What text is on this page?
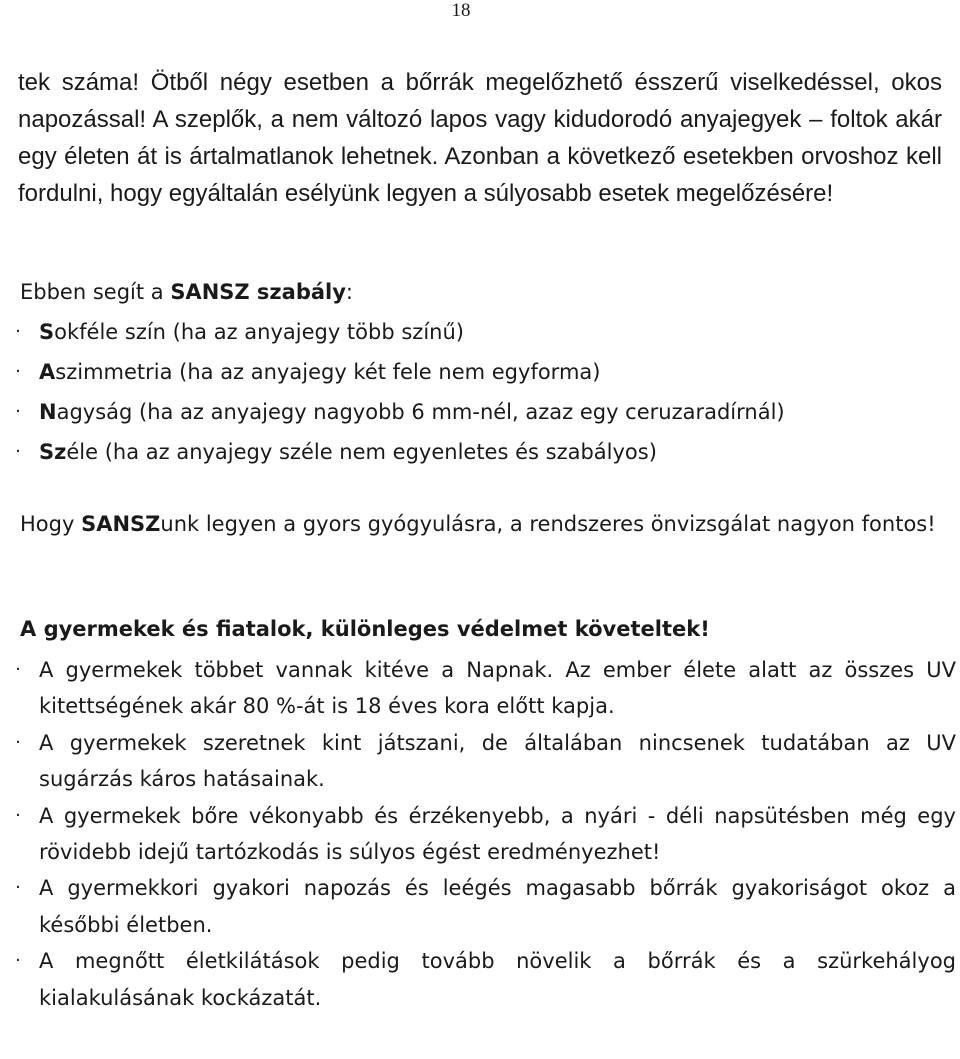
18

tek száma! Ötből négy esetben a bőrrák megelőzhető ésszerű viselkedéssel, okos napozással! A szeplők, a nem változó lapos vagy kidudorodó anyajegyek – foltok akár egy életen át is ártalmatlanok lehetnek. Azonban a következő esetekben orvoshoz kell fordulni, hogy egyáltalán esélyünk legyen a súlyosabb esetek megelőzésére!

Ebben segít a SANSZ szabály:

· Sokféle szín (ha az anyajegy több színű)
· Aszimmetria (ha az anyajegy két fele nem egyforma)
· Nagyság (ha az anyajegy nagyobb 6 mm-nél, azaz egy ceruzaradírnál)
· Széle (ha az anyajegy széle nem egyenletes és szabályos)

Hogy SANSZunk legyen a gyors gyógyulásra, a rendszeres önvizsgálat nagyon fontos!

A gyermekek és fiatalok, különleges védelmet követeltek!

· A gyermekek többet vannak kitéve a Napnak. Az ember élete alatt az összes UV kitettségének akár 80 %-át is 18 éves kora előtt kapja.
· A gyermekek szeretnek kint játszani, de általában nincsenek tudatában az UV sugárzás káros hatásainak.
· A gyermekek bőre vékonyabb és érzékenyebb, a nyári - déli napsütésben még egy rövidebb idejű tartózkodás is súlyos égést eredményezhet!
· A gyermekkori gyakori napozás és leégés magasabb bőrrák gyakoriságot okoz a későbbi életben.
· A megnőtt életkilátások pedig tovább növelik a bőrrák és a szürkehályog kialakulásának kockázatát.
